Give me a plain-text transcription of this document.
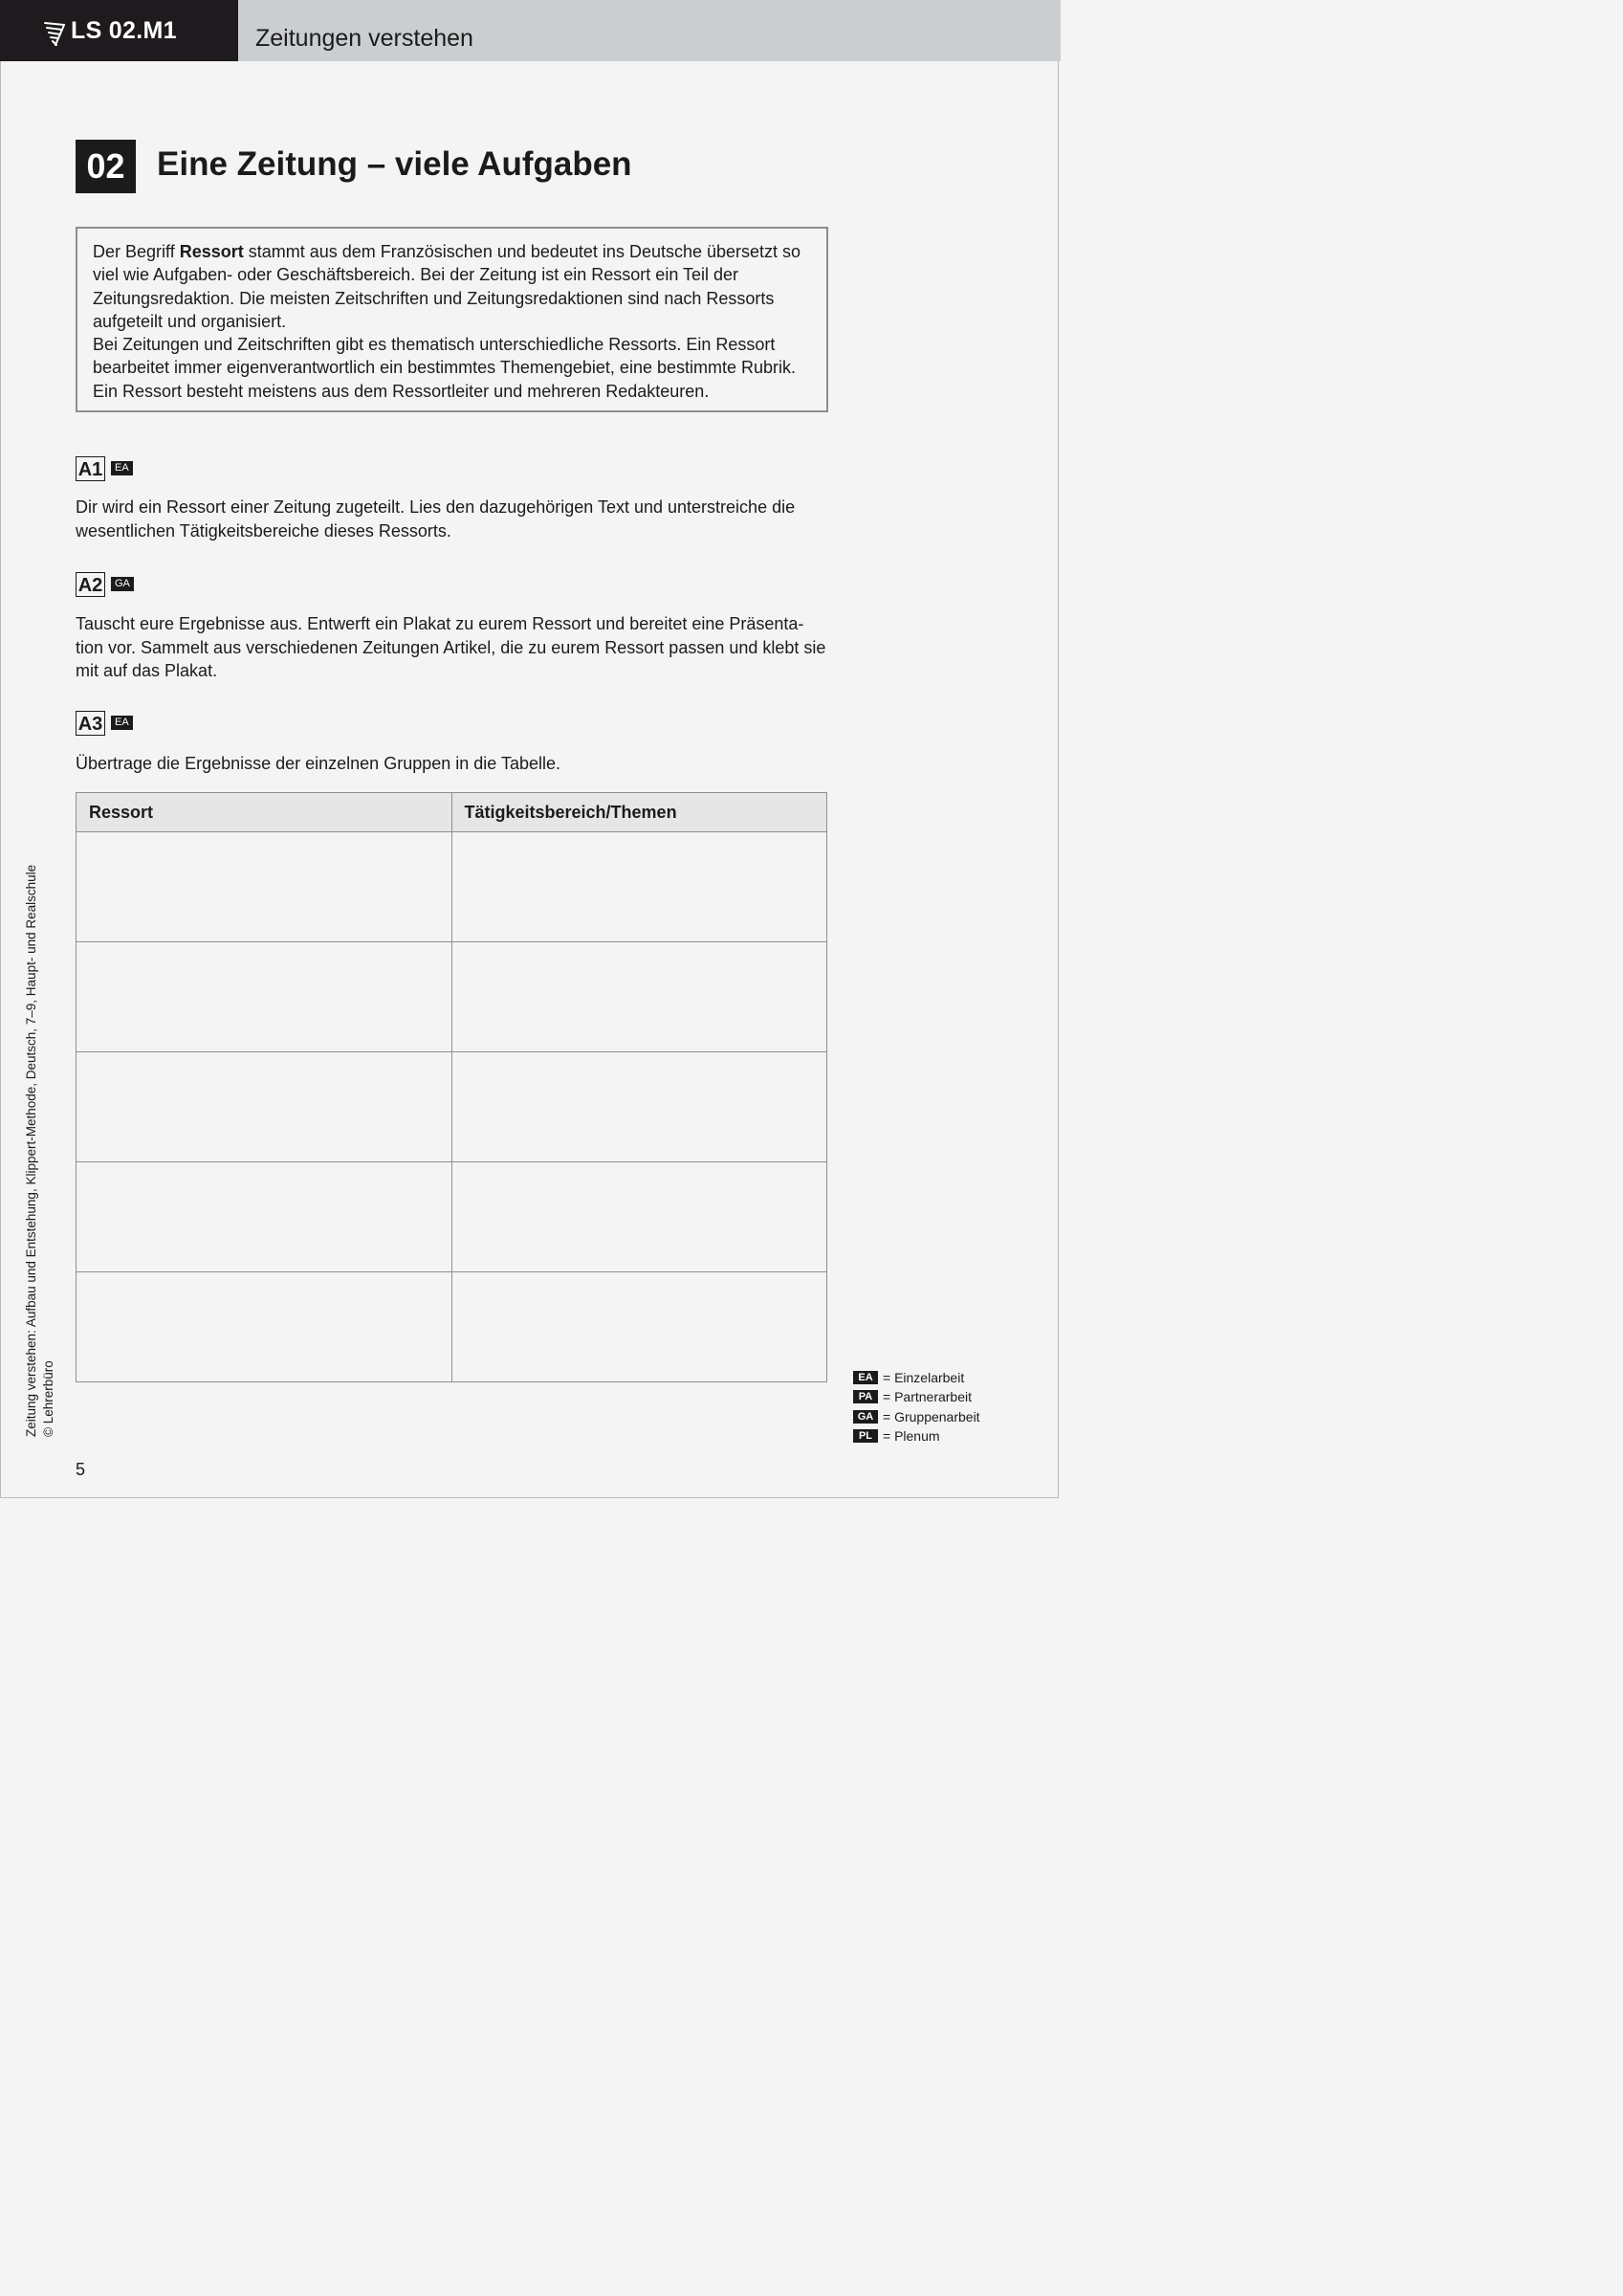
LS 02.M1	Zeitungen verstehen
02 Eine Zeitung – viele Aufgaben

Der Begriff Ressort stammt aus dem Französischen und bedeutet ins Deutsche übersetzt so viel wie Aufgaben- oder Geschäftsbereich. Bei der Zeitung ist ein Ressort ein Teil der Zeitungsredaktion. Die meisten Zeitschriften und Zeitungsredaktionen sind nach Ressorts aufgeteilt und organisiert.

Bei Zeitungen und Zeitschriften gibt es thematisch unterschiedliche Ressorts. Ein Ressort bearbeitet immer eigenverantwortlich ein bestimmtes Themengebiet, eine bestimmte Rubrik. Ein Ressort besteht meistens aus dem Ressortleiter und mehreren Redakteuren.

A1	EA

Dir wird ein Ressort einer Zeitung zugeteilt. Lies den dazugehörigen Text und unterstreiche die wesentlichen Tätigkeitsbereiche dieses Ressorts.

A2	GA

Tauscht eure Ergebnisse aus. Entwerft ein Plakat zu eurem Ressort und bereitet eine Präsenta-tion vor. Sammelt aus verschiedenen Zeitungen Artikel, die zu eurem Ressort passen und klebt sie mit auf das Plakat.

A3	EA

Übertrage die Ergebnisse der einzelnen Gruppen in die Tabelle.

Ressort	Tätigkeitsbereich/Themen

EA = Einzelarbeit
PA = Partnerarbeit
GA = Gruppenarbeit
PL = Plenum
Zeitung verstehen: Aufbau und Entstehung, Klippert-Methode, Deutsch, 7–9, Haupt- und Realschule © Lehrerbüro
5
